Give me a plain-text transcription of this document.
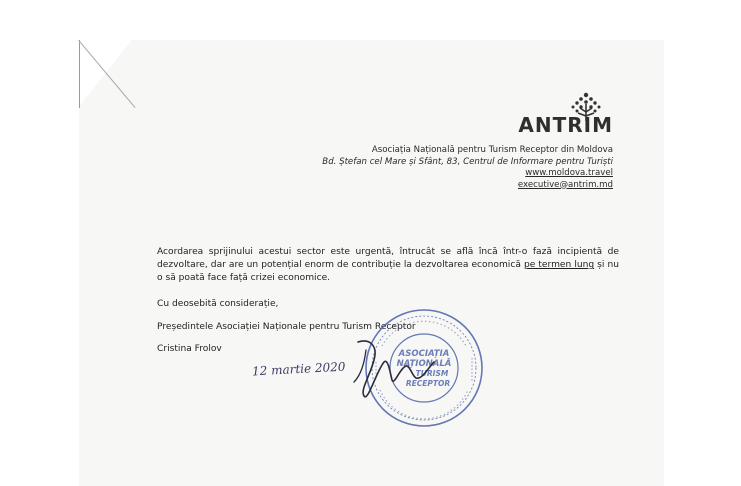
ANTRIM
Asociația Națională pentru Turism Receptor din Moldova
Bd. Ștefan cel Mare și Sfânt, 83, Centrul de Informare pentru Turiști
www.moldova.travel
executive@antrim.md

Acordarea sprijinului acestui sector este urgentă, întrucât se află încă într-o fază incipientă de dezvoltare, dar are un potențial enorm de contribuție la dezvoltarea economică pe termen lung și nu o să poată face față crizei economice.

Cu deosebită considerație,

Președintele Asociației Naționale pentru Turism Receptor

Cristina Frolov

12 martie 2020
ASOCIAȚIA
NAȚIONALĂ
TURISM
RECEPTOR
